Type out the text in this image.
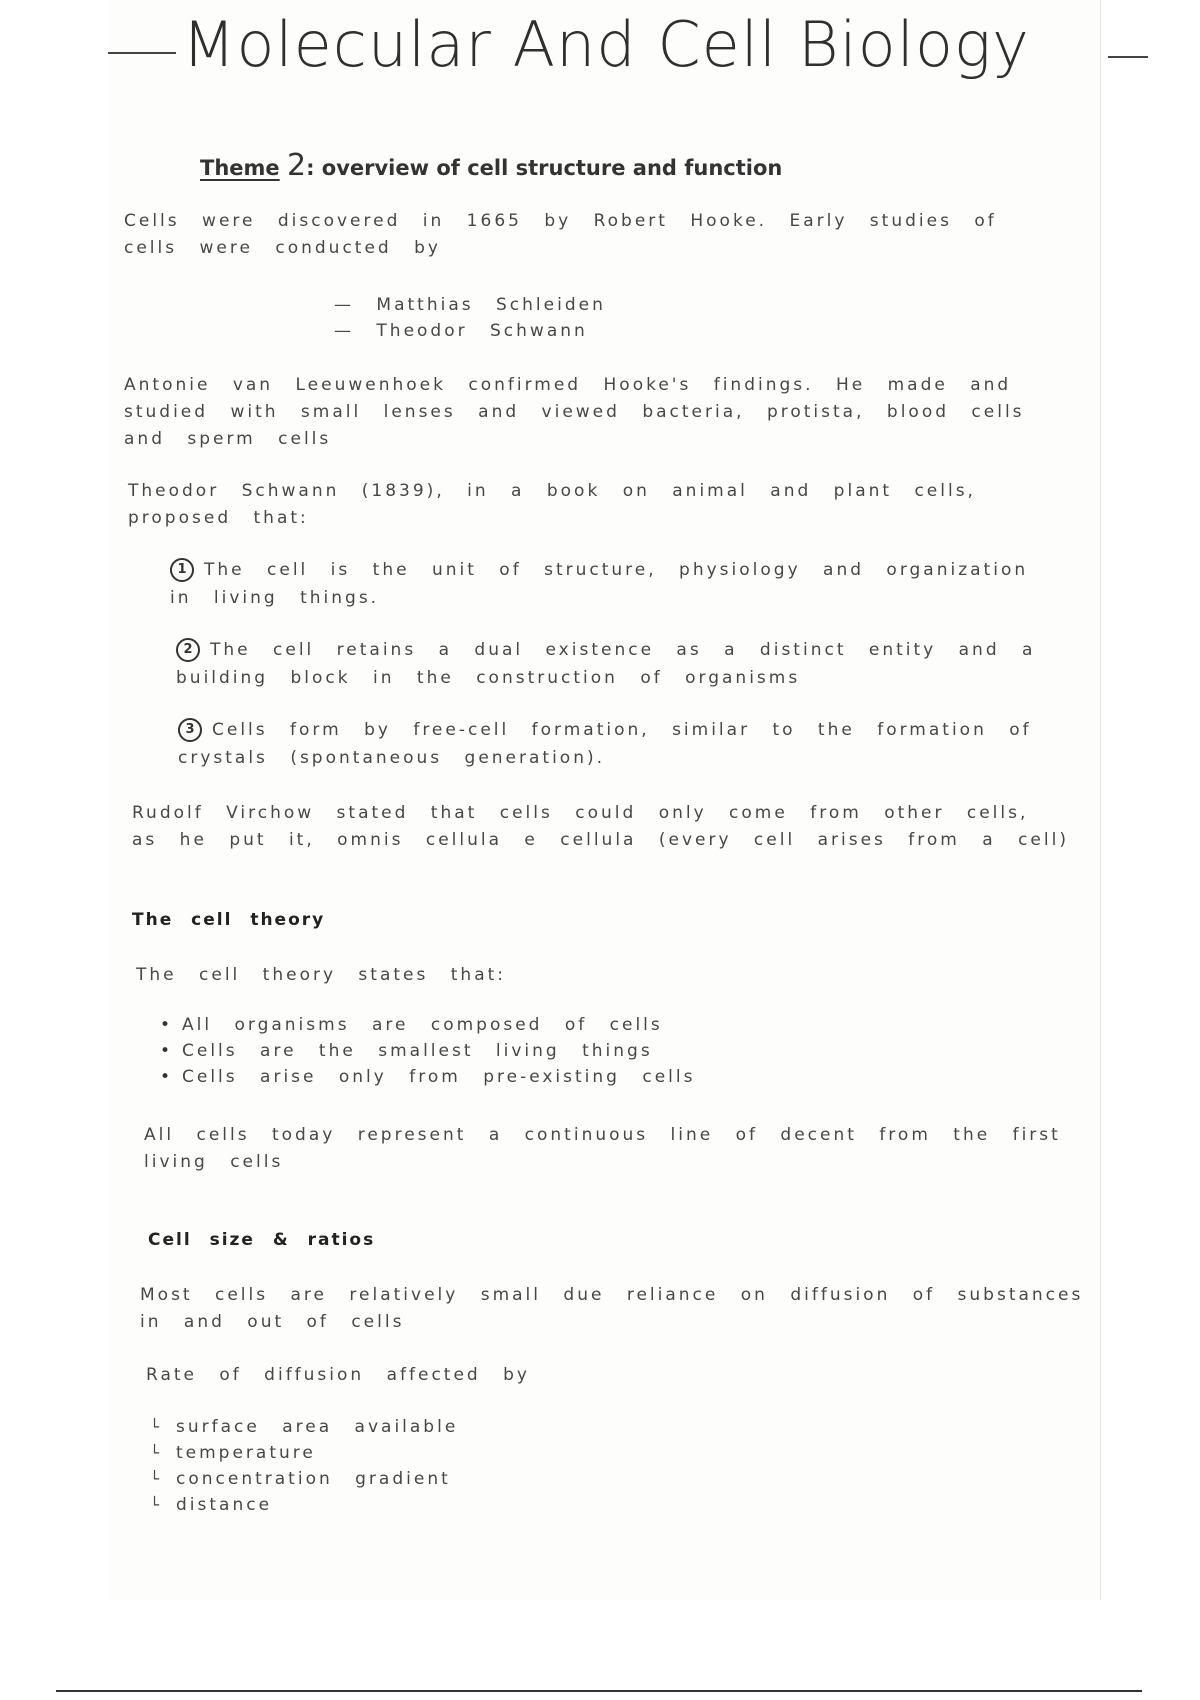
Molecular And Cell Biology
Theme 2: overview of cell structure and function

Cells were discovered in 1665 by Robert Hooke. Early studies of cells were conducted by

— Matthias Schleiden
— Theodor Schwann

Antonie van Leeuwenhoek confirmed Hooke's findings. He made and studied with small lenses and viewed bacteria, protista, blood cells and sperm cells

Theodor Schwann (1839), in a book on animal and plant cells, proposed that:

1 The cell is the unit of structure, physiology and organization in living things.
2 The cell retains a dual existence as a distinct entity and a building block in the construction of organisms
3 Cells form by free-cell formation, similar to the formation of crystals (spontaneous generation).

Rudolf Virchow stated that cells could only come from other cells, as he put it, omnis cellula e cellula (every cell arises from a cell)

The cell theory

The cell theory states that:

• All organisms are composed of cells
• Cells are the smallest living things
• Cells arise only from pre-existing cells

All cells today represent a continuous line of decent from the first living cells

Cell size & ratios

Most cells are relatively small due reliance on diffusion of substances in and out of cells

Rate of diffusion affected by

└ surface area available
└ temperature
└ concentration gradient
└ distance
